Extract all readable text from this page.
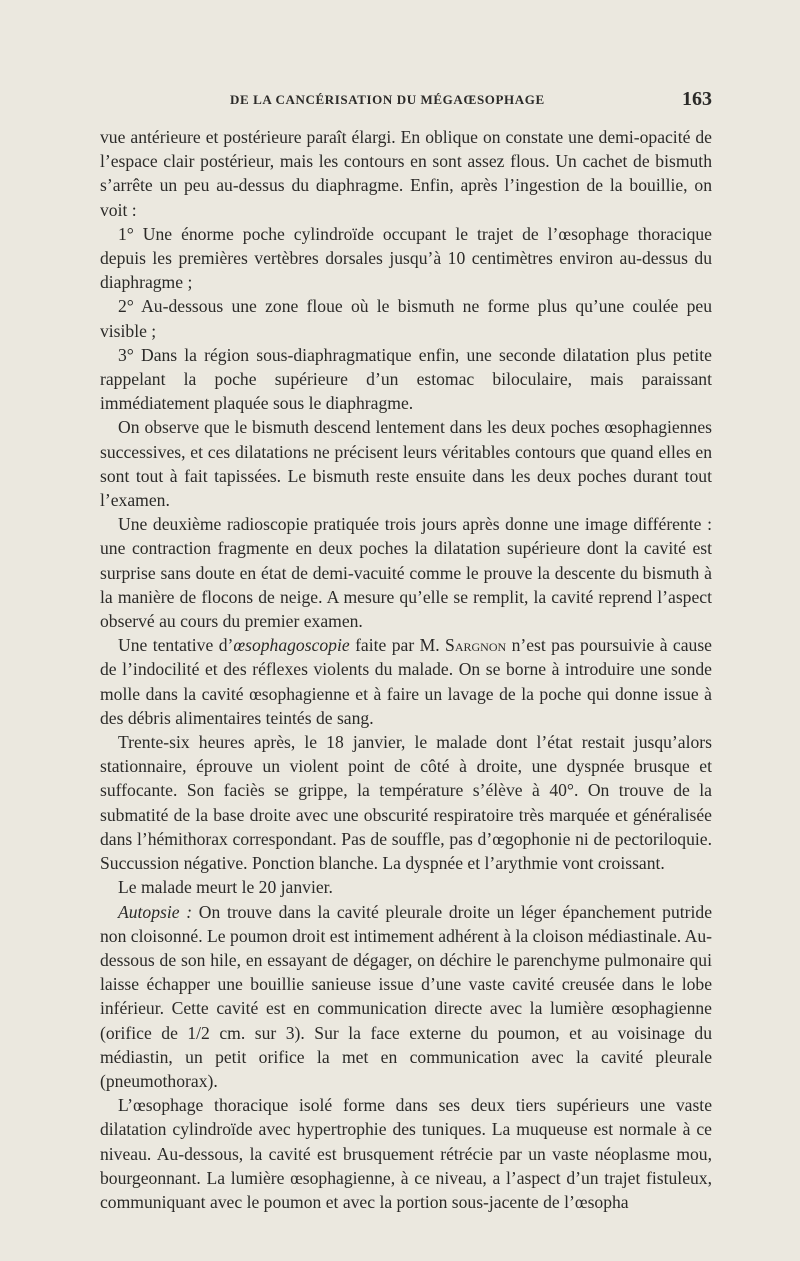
DE LA CANCÉRISATION DU MÉGAŒSOPHAGE	163

vue antérieure et postérieure paraît élargi. En oblique on constate une demi-opacité de l’espace clair postérieur, mais les contours en sont assez flous. Un cachet de bismuth s’arrête un peu au-dessus du diaphragme. Enfin, après l’ingestion de la bouillie, on voit :

1° Une énorme poche cylindroïde occupant le trajet de l’œsophage thoracique depuis les premières vertèbres dorsales jusqu’à 10 centimètres environ au-dessus du diaphragme ;

2° Au-dessous une zone floue où le bismuth ne forme plus qu’une coulée peu visible ;

3° Dans la région sous-diaphragmatique enfin, une seconde dilatation plus petite rappelant la poche supérieure d’un estomac biloculaire, mais paraissant immédiatement plaquée sous le diaphragme.

On observe que le bismuth descend lentement dans les deux poches œsophagiennes successives, et ces dilatations ne précisent leurs véritables contours que quand elles en sont tout à fait tapissées. Le bismuth reste ensuite dans les deux poches durant tout l’examen.

Une deuxième radioscopie pratiquée trois jours après donne une image différente : une contraction fragmente en deux poches la dilatation supérieure dont la cavité est surprise sans doute en état de demi-vacuité comme le prouve la descente du bismuth à la manière de flocons de neige. A mesure qu’elle se remplit, la cavité reprend l’aspect observé au cours du premier examen.

Une tentative d’œsophagoscopie faite par M. Sargnon n’est pas poursuivie à cause de l’indocilité et des réflexes violents du malade. On se borne à introduire une sonde molle dans la cavité œsophagienne et à faire un lavage de la poche qui donne issue à des débris alimentaires teintés de sang.

Trente-six heures après, le 18 janvier, le malade dont l’état restait jusqu’alors stationnaire, éprouve un violent point de côté à droite, une dyspnée brusque et suffocante. Son faciès se grippe, la température s’élève à 40°. On trouve de la submatité de la base droite avec une obscurité respiratoire très marquée et généralisée dans l’hémithorax correspondant. Pas de souffle, pas d’œgophonie ni de pectoriloquie. Succussion négative. Ponction blanche. La dyspnée et l’arythmie vont croissant.

Le malade meurt le 20 janvier.

Autopsie : On trouve dans la cavité pleurale droite un léger épanchement putride non cloisonné. Le poumon droit est intimement adhérent à la cloison médiastinale. Au-dessous de son hile, en essayant de dégager, on déchire le parenchyme pulmonaire qui laisse échapper une bouillie sanieuse issue d’une vaste cavité creusée dans le lobe inférieur. Cette cavité est en communication directe avec la lumière œsophagienne (orifice de 1/2 cm. sur 3). Sur la face externe du poumon, et au voisinage du médiastin, un petit orifice la met en communication avec la cavité pleurale (pneumothorax).

L’œsophage thoracique isolé forme dans ses deux tiers supérieurs une vaste dilatation cylindroïde avec hypertrophie des tuniques. La muqueuse est normale à ce niveau. Au-dessous, la cavité est brusquement rétrécie par un vaste néoplasme mou, bourgeonnant. La lumière œsophagienne, à ce niveau, a l’aspect d’un trajet fistuleux, communiquant avec le poumon et avec la portion sous-jacente de l’œsopha
